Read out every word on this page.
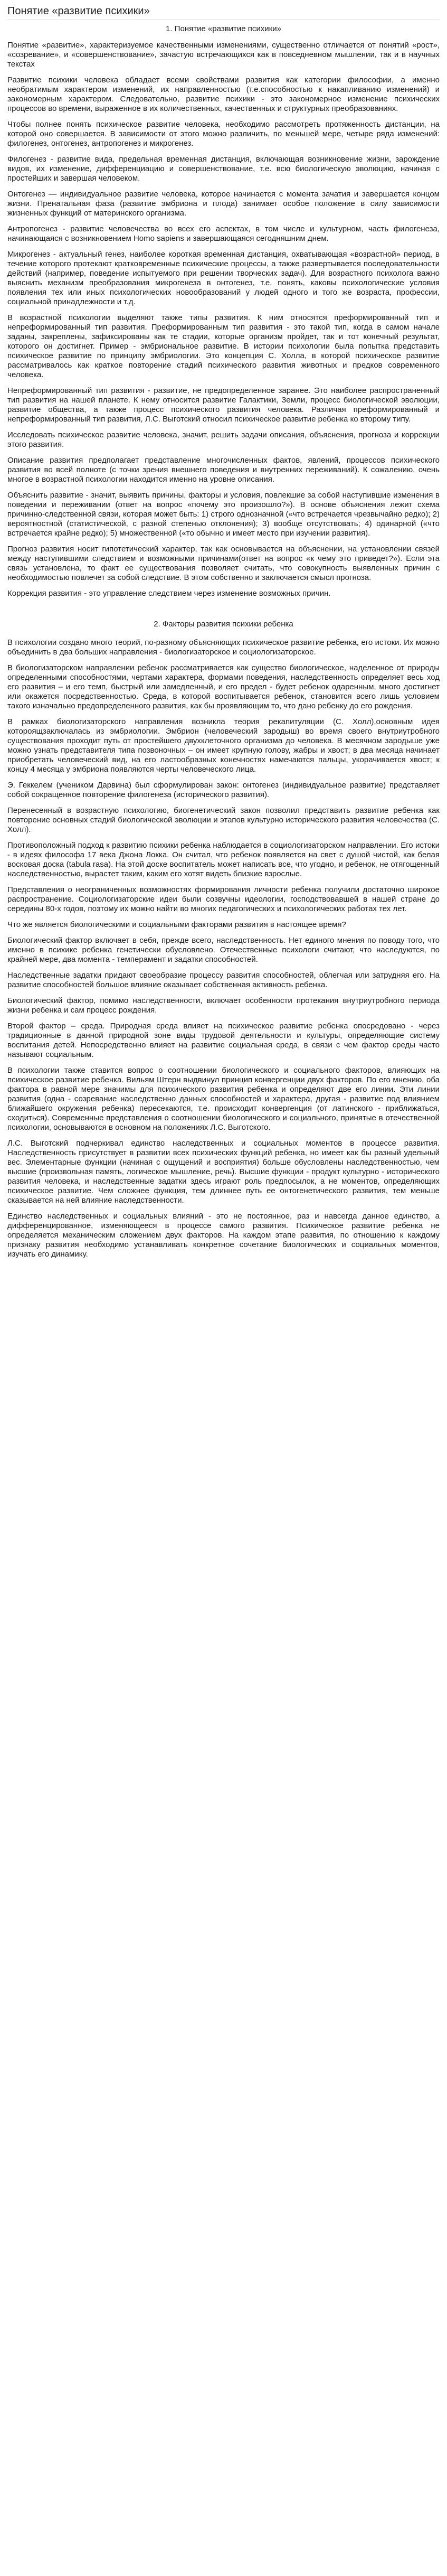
Понятие «развитие психики»
1. Понятие «развитие психики»

Понятие «развитие», характеризуемое качественными изменениями, существенно отличается от понятий «рост», «созревание», и «совершенствование», зачастую встречающихся как в повседневном мышлении, так и в научных текстах

Развитие психики человека обладает всеми свойствами развития как категории философии, а именно необратимым характером изменений, их направленностью (т.е.способностью к накапливанию изменений) и закономерным характером. Следовательно, развитие психики - это закономерное изменение психических процессов во времени, выраженное в их количественных, качественных и структурных преобразованиях.

Чтобы полнее понять психическое развитие человека, необходимо рассмотреть протяженность дистанции, на которой оно совершается. В зависимости от этого можно различить, по меньшей мере, четыре ряда изменений: филогенез, онтогенез, антропогенез и микрогенез.

Филогенез - развитие вида, предельная временная дистанция, включающая возникновение жизни, зарождение видов, их изменение, дифференциацию и совершенствование, т.е. всю биологическую эволюцию, начиная с простейших и завершая человеком.

Онтогенез — индивидуальное развитие человека, которое начинается с момента зачатия и завершается концом жизни. Пренатальная фаза (развитие эмбриона и плода) занимает особое положение в силу зависимости жизненных функций от материнского организма.

Антропогенез - развитие человечества во всех его аспектах, в том числе и культурном, часть филогенеза, начинающаяся с возникновением Homo sapiens и завершающаяся сегодняшним днем.

Микрогенез - актуальный генез, наиболее короткая временная дистанция, охватывающая «возрастной» период, в течение которого протекают кратковременные психические процессы, а также развертывается последовательности действий (например, поведение испытуемого при решении творческих задач). Для возрастного психолога важно выяснить механизм преобразования микрогенеза в онтогенез, т.е. понять, каковы психологические условия появления тех или иных психологических новообразований у людей одного и того же возраста, профессии, социальной принадлежности и т.д.

В возрастной психологии выделяют также типы развития. К ним относятся преформированный тип и непреформированный тип развития. Преформированным тип развития - это такой тип, когда в самом начале заданы, закреплены, зафиксированы как те стадии, которые организм пройдет, так и тот конечный результат, которого он достигнет. Пример - эмбриональное развитие. В истории психологии была попытка представить психическое развитие по принципу эмбриологии. Это концепция С. Холла, в которой психическое развитие рассматривалось как краткое повторение стадий психического развития животных и предков современного человека.

Непреформированный тип развития - развитие, не предопределенное заранее. Это наиболее распространенный тип развития на нашей планете. К нему относится развитие Галактики, Земли, процесс биологической эволюции, развитие общества, а также процесс психического развития человека. Различая преформированный и непреформированный тип развития, Л.С. Выготский относил психическое развитие ребенка ко второму типу.

Исследовать психическое развитие человека, значит, решить задачи описания, объяснения, прогноза и коррекции этого развития.

Описание развития предполагает представление многочисленных фактов, явлений, процессов психического развития во всей полноте (с точки зрения внешнего поведения и внутренних переживаний). К сожалению, очень многое в возрастной психологии находится именно на уровне описания.

Объяснить развитие - значит, выявить причины, факторы и условия, повлекшие за собой наступившие изменения в поведении и переживании (ответ на вопрос «почему это произошло?»). В основе объяснения лежит схема причинно-следственной связи, которая может быть: 1) строго однозначной («что встречается чрезвычайно редко); 2) вероятностной (статистической, с разной степенью отклонения); 3) вообще отсутствовать; 4) одинарной («что встречается крайне редко); 5) множественной («то обычно и имеет место при изучении развития).

Прогноз развития носит гипотетический характер, так как основывается на объяснении, на установлении связей между наступившими следствием и возможными причинами(ответ на вопрос «к чему это приведет?»). Если эта связь установлена, то факт ее существования позволяет считать, что совокупность выявленных причин с необходимостью повлечет за собой следствие. В этом собственно и заключается смысл прогноза.

Коррекция развития - это управление следствием через изменение возможных причин.

2. Факторы развития психики ребенка

В психологии создано много теорий, по-разному объясняющих психическое развитие ребенка, его истоки. Их можно объединить в два больших направления - биологизаторское и социологизаторское.

В биологизаторском направлении ребенок рассматривается как существо биологическое, наделенное от природы определенными способностями, чертами характера, формами поведения, наследственность определяет весь ход его развития – и его темп, быстрый или замедленный, и его предел - будет ребенок одаренным, много достигнет или окажется посредственностью. Среда, в которой воспитывается ребенок, становится всего лишь условием такого изначально предопределенного развития, как бы проявляющим то, что дано ребенку до его рождения.

В рамках биологизаторского направления возникла теория рекапитуляции (С. Холл),основным идея котороящзаключалась из эмбриологии. Эмбрион (человеческий зародыш) во время своего внутриутробного существования проходит путь от простейшего двухклеточного организма до человека. В месячном зародыше уже можно узнать представителя типа позвоночных – он имеет крупную голову, жабры и хвост; в два месяца начинает приобретать человеческий вид, на его ластообразных конечностях намечаются пальцы, укорачивается хвост; к концу 4 месяца у эмбриона появляются черты человеческого лица.

Э. Геккелем (учеником Дарвина) был сформулирован закон: онтогенез (индивидуальное развитие) представляет собой сокращенное повторение филогенеза (исторического развития).

Перенесенный в возрастную психологию, биогенетический закон позволил представить развитие ребенка как повторение основных стадий биологической эволюции и этапов культурно исторического развития человечества (С. Холл).

Противоположный подход к развитию психики ребенка наблюдается в социологизаторском направлении. Его истоки - в идеях философа 17 века Джона Локка. Он считал, что ребенок появляется на свет с душой чистой, как белая восковая доска (tabula rasa). На этой доске воспитатель может написать все, что угодно, и ребенок, не отягощенный наследственностью, вырастет таким, каким его хотят видеть близкие взрослые.

Представления о неограниченных возможностях формирования личности ребенка получили достаточно широкое распространение. Социологизаторские идеи были созвучны идеологии, господствовавшей в нашей стране до середины 80-х годов, поэтому их можно найти во многих педагогических и психологических работах тех лет.

Что же является биологическими и социальными факторами развития в настоящее время?

Биологический фактор включает в себя, прежде всего, наследственность. Нет единого мнения по поводу того, что именно в психике ребенка генетически обусловлено. Отечественные психологи считают, что наследуются, по крайней мере, два момента - темперамент и задатки способностей.

Наследственные задатки придают своеобразие процессу развития способностей, облегчая или затрудняя его. На развитие способностей большое влияние оказывает собственная активность ребенка.

Биологический фактор, помимо наследственности, включает особенности протекания внутриутробного периода жизни ребенка и сам процесс рождения.

Второй фактор – среда. Природная среда влияет на психическое развитие ребенка опосредовано - через традиционные в данной природной зоне виды трудовой деятельности и культуры, определяющие систему воспитания детей. Непосредственно влияет на развитие социальная среда, в связи с чем фактор среды часто называют социальным.

В психологии также ставится вопрос о соотношении биологического и социального факторов, влияющих на психическое развитие ребенка. Вильям Штерн выдвинул принцип конвергенции двух факторов. По его мнению, оба фактора в равной мере значимы для психического развития ребенка и определяют две его линии. Эти линии развития (одна - созревание наследственно данных способностей и характера, другая - развитие под влиянием ближайшего окружения ребенка) пересекаются, т.е. происходит конвергенция (от латинского - приближаться, сходиться). Современные представления о соотношении биологического и социального, принятые в отечественной психологии, основываются в основном на положениях Л.С. Выготского.

Л.С. Выготский подчеркивал единство наследственных и социальных моментов в процессе развития. Наследственность присутствует в развитии всех психических функций ребенка, но имеет как бы разный удельный вес. Элементарные функции (начиная с ощущений и восприятия) больше обусловлены наследственностью, чем высшие (произвольная память, логическое мышление, речь). Высшие функции - продукт культурно - исторического развития человека, и наследственные задатки здесь играют роль предпосылок, а не моментов, определяющих психическое развитие. Чем сложнее функция, тем длиннее путь ее онтогенетического развития, тем меньше сказывается на ней влияние наследственности.

Единство наследственных и социальных влияний - это не постоянное, раз и навсегда данное единство, а дифференцированное, изменяющееся в процессе самого развития. Психическое развитие ребенка не определяется механическим сложением двух факторов. На каждом этапе развития, по отношению к каждому признаку развития необходимо устанавливать конкретное сочетание биологических и социальных моментов, изучать его динамику.
